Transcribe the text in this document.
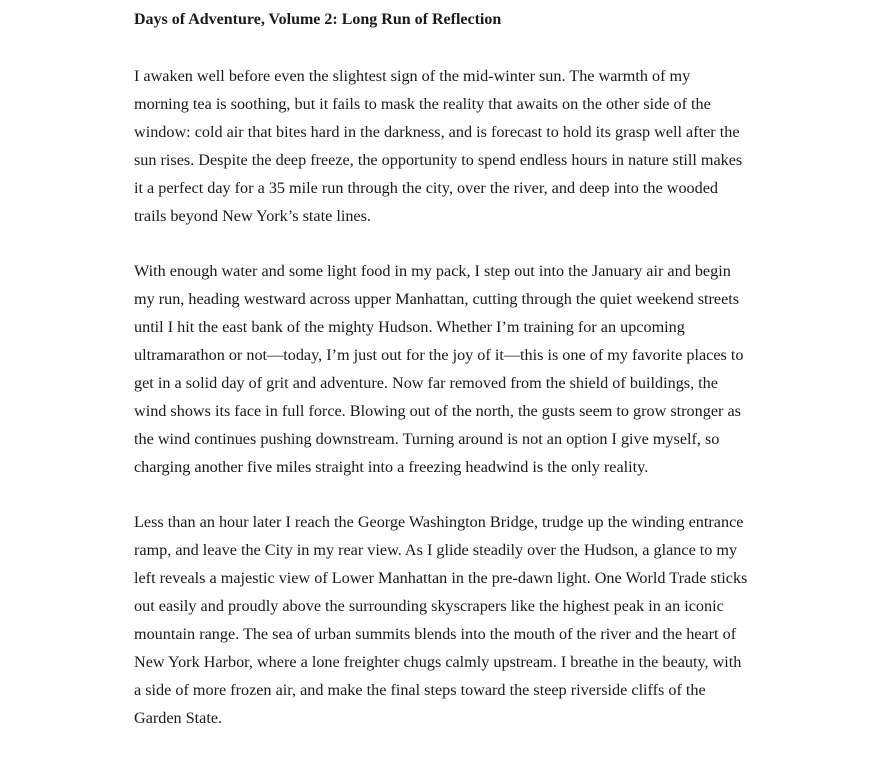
Days of Adventure, Volume 2: Long Run of Reflection

I awaken well before even the slightest sign of the mid-winter sun. The warmth of my
morning tea is soothing, but it fails to mask the reality that awaits on the other side of the
window: cold air that bites hard in the darkness, and is forecast to hold its grasp well after the
sun rises. Despite the deep freeze, the opportunity to spend endless hours in nature still makes
it a perfect day for a 35 mile run through the city, over the river, and deep into the wooded
trails beyond New York’s state lines.

With enough water and some light food in my pack, I step out into the January air and begin
my run, heading westward across upper Manhattan, cutting through the quiet weekend streets
until I hit the east bank of the mighty Hudson. Whether I’m training for an upcoming
ultramarathon or not—today, I’m just out for the joy of it—this is one of my favorite places to
get in a solid day of grit and adventure. Now far removed from the shield of buildings, the
wind shows its face in full force. Blowing out of the north, the gusts seem to grow stronger as
the wind continues pushing downstream. Turning around is not an option I give myself, so
charging another five miles straight into a freezing headwind is the only reality.

Less than an hour later I reach the George Washington Bridge, trudge up the winding entrance
ramp, and leave the City in my rear view. As I glide steadily over the Hudson, a glance to my
left reveals a majestic view of Lower Manhattan in the pre-dawn light. One World Trade sticks
out easily and proudly above the surrounding skyscrapers like the highest peak in an iconic
mountain range. The sea of urban summits blends into the mouth of the river and the heart of
New York Harbor, where a lone freighter chugs calmly upstream. I breathe in the beauty, with
a side of more frozen air, and make the final steps toward the steep riverside cliffs of the
Garden State.
